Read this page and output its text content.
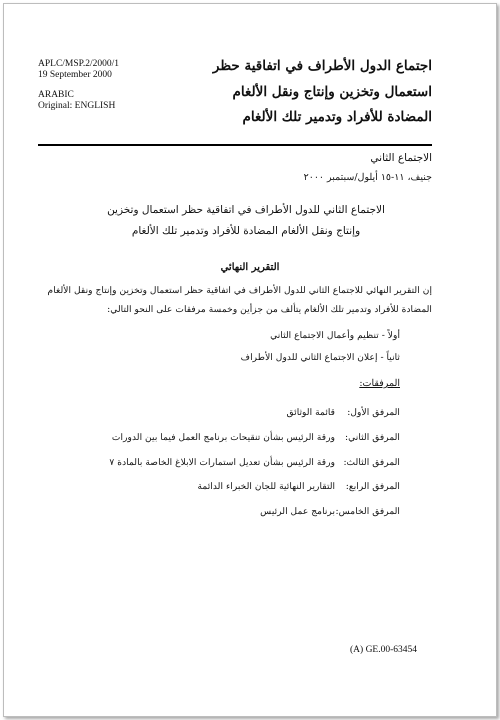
APLC/MSP.2/2000/1
19 September 2000
ARABIC
Original: ENGLISH
اجتماع الدول الأطراف في اتفاقية حظر
استعمال وتخزين وإنتاج ونقل الألغام
المضادة للأفراد وتدمير تلك الألغام
الاجتماع الثاني
جنيف، ١١-١٥ أيلول/سبتمبر ٢٠٠٠
الاجتماع الثاني للدول الأطراف في اتفاقية حظر استعمال وتخزين
وإنتاج ونقل الألغام المضادة للأفراد وتدمير تلك الألغام
التقرير النهائي
إن التقرير النهائي للاجتماع الثاني للدول الأطراف في اتفاقية حظر استعمال وتخزين وإنتاج ونقل الألغام
المضادة للأفراد وتدمير تلك الألغام يتألف من جزأين وخمسة مرفقات على النحو التالي:
أولاً - تنظيم وأعمال الاجتماع الثاني
ثانياً - إعلان الاجتماع الثاني للدول الأطراف
المرفقات:
المرفق الأول: قائمة الوثائق
المرفق الثاني: ورقة الرئيس بشأن تنقيحات برنامج العمل فيما بين الدورات
المرفق الثالث: ورقة الرئيس بشأن تعديل استمارات الابلاغ الخاصة بالمادة ٧
المرفق الرابع: التقارير النهائية للجان الخبراء الدائمة
المرفق الخامس: برنامج عمل الرئيس
(A) GE.00-63454
